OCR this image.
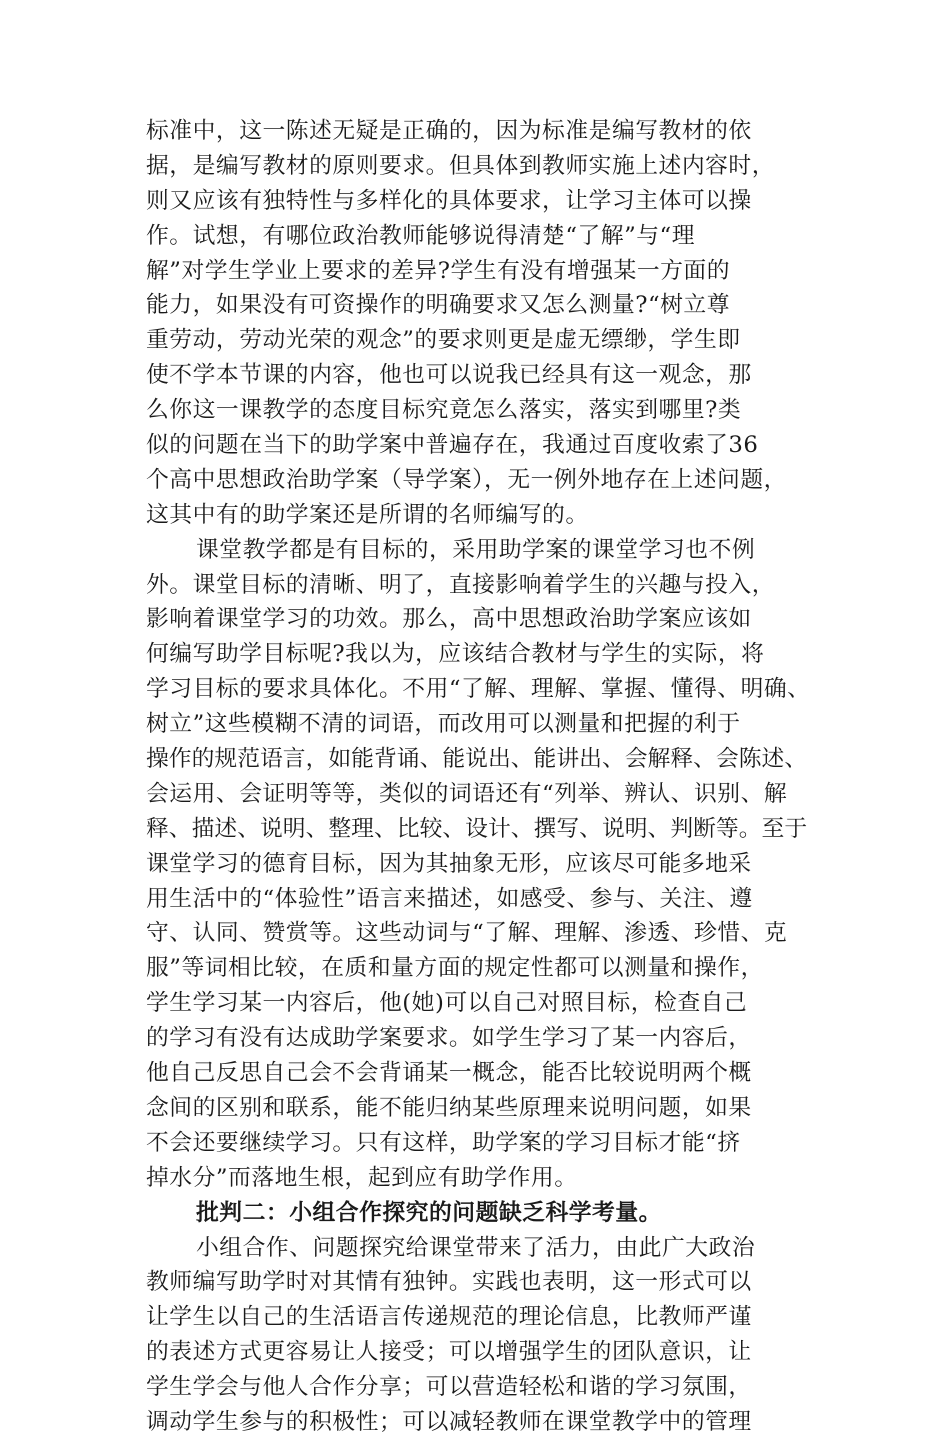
标准中，这一陈述无疑是正确的，因为标准是编写教材的依
据，是编写教材的原则要求。但具体到教师实施上述内容时，
则又应该有独特性与多样化的具体要求，让学习主体可以操
作。试想，有哪位政治教师能够说得清楚“了解”与“理
解”对学生学业上要求的差异?学生有没有增强某一方面的
能力，如果没有可资操作的明确要求又怎么测量?“树立尊
重劳动，劳动光荣的观念”的要求则更是虚无缥缈，学生即
使不学本节课的内容，他也可以说我已经具有这一观念，那
么你这一课教学的态度目标究竟怎么落实，落实到哪里?类
似的问题在当下的助学案中普遍存在，我通过百度收索了36
个高中思想政治助学案（导学案），无一例外地存在上述问题，
这其中有的助学案还是所谓的名师编写的。
课堂教学都是有目标的，采用助学案的课堂学习也不例
外。课堂目标的清晰、明了，直接影响着学生的兴趣与投入，
影响着课堂学习的功效。那么，高中思想政治助学案应该如
何编写助学目标呢?我以为，应该结合教材与学生的实际，将
学习目标的要求具体化。不用“了解、理解、掌握、懂得、明确、
树立”这些模糊不清的词语，而改用可以测量和把握的利于
操作的规范语言，如能背诵、能说出、能讲出、会解释、会陈述、
会运用、会证明等等，类似的词语还有“列举、辨认、识别、解
释、描述、说明、整理、比较、设计、撰写、说明、判断等。至于
课堂学习的德育目标，因为其抽象无形，应该尽可能多地采
用生活中的“体验性”语言来描述，如感受、参与、关注、遵
守、认同、赞赏等。这些动词与“了解、理解、渗透、珍惜、克
服”等词相比较，在质和量方面的规定性都可以测量和操作，
学生学习某一内容后，他(她)可以自己对照目标，检查自己
的学习有没有达成助学案要求。如学生学习了某一内容后，
他自己反思自己会不会背诵某一概念，能否比较说明两个概
念间的区别和联系，能不能归纳某些原理来说明问题，如果
不会还要继续学习。只有这样，助学案的学习目标才能“挤
掉水分”而落地生根，起到应有助学作用。
批判二：小组合作探究的问题缺乏科学考量。
小组合作、问题探究给课堂带来了活力，由此广大政治
教师编写助学时对其情有独钟。实践也表明，这一形式可以
让学生以自己的生活语言传递规范的理论信息，比教师严谨
的表述方式更容易让人接受；可以增强学生的团队意识，让
学生学会与他人合作分享；可以营造轻松和谐的学习氛围，
调动学生参与的积极性；可以减轻教师在课堂教学中的管理
